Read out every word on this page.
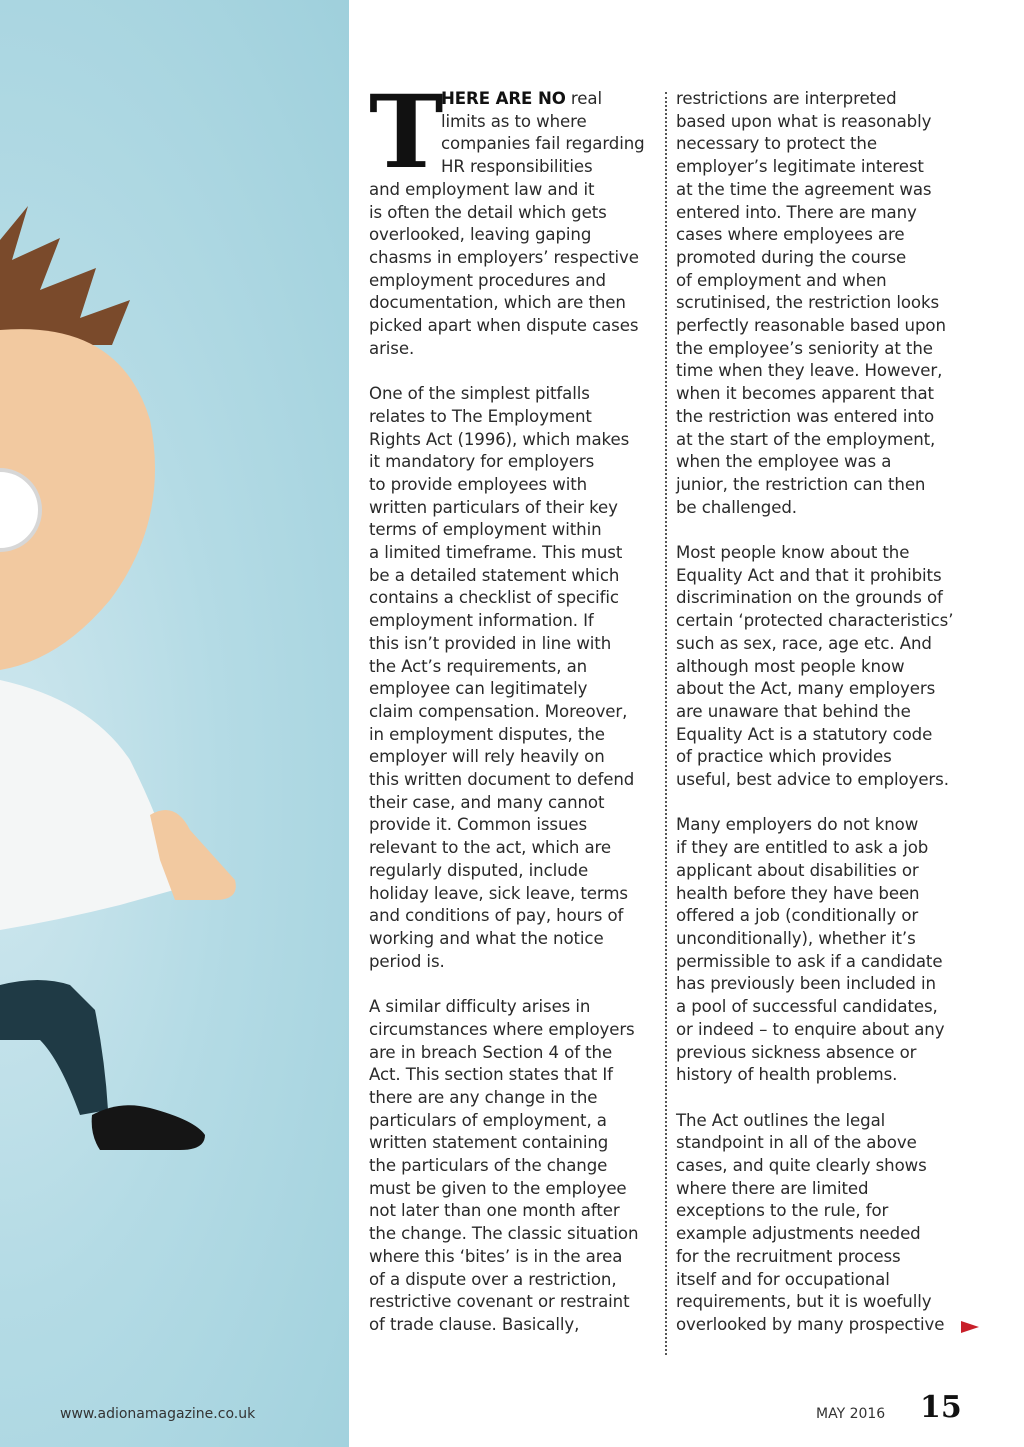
T
HERE ARE NO real
limits as to where
companies fail regarding
HR responsibilities

and employment law and it
is often the detail which gets
overlooked, leaving gaping
chasms in employers’ respective
employment procedures and
documentation, which are then
picked apart when dispute cases
arise.

One of the simplest pitfalls
relates to The Employment
Rights Act (1996), which makes
it mandatory for employers
to provide employees with
written particulars of their key
terms of employment within
a limited timeframe. This must
be a detailed statement which
contains a checklist of specific
employment information. If
this isn’t provided in line with
the Act’s requirements, an
employee can legitimately
claim compensation. Moreover,
in employment disputes, the
employer will rely heavily on
this written document to defend
their case, and many cannot
provide it. Common issues
relevant to the act, which are
regularly disputed, include
holiday leave, sick leave, terms
and conditions of pay, hours of
working and what the notice
period is.

A similar difficulty arises in
circumstances where employers
are in breach Section 4 of the
Act. This section states that If
there are any change in the
particulars of employment, a
written statement containing
the particulars of the change
must be given to the employee
not later than one month after
the change. The classic situation
where this ‘bites’ is in the area
of a dispute over a restriction,
restrictive covenant or restraint
of trade clause. Basically,

restrictions are interpreted
based upon what is reasonably
necessary to protect the
employer’s legitimate interest
at the time the agreement was
entered into. There are many
cases where employees are
promoted during the course
of employment and when
scrutinised, the restriction looks
perfectly reasonable based upon
the employee’s seniority at the
time when they leave. However,
when it becomes apparent that
the restriction was entered into
at the start of the employment,
when the employee was a
junior, the restriction can then
be challenged.

Most people know about the
Equality Act and that it prohibits
discrimination on the grounds of
certain ‘protected characteristics’
such as sex, race, age etc. And
although most people know
about the Act, many employers
are unaware that behind the
Equality Act is a statutory code
of practice which provides
useful, best advice to employers.

Many employers do not know
if they are entitled to ask a job
applicant about disabilities or
health before they have been
offered a job (conditionally or
unconditionally), whether it’s
permissible to ask if a candidate
has previously been included in
a pool of successful candidates,
or indeed – to enquire about any
previous sickness absence or
history of health problems.

The Act outlines the legal
standpoint in all of the above
cases, and quite clearly shows
where there are limited
exceptions to the rule, for
example adjustments needed
for the recruitment process
itself and for occupational
requirements, but it is woefully
overlooked by many prospective

www.adionamagazine.co.uk	MAY 2016 15
